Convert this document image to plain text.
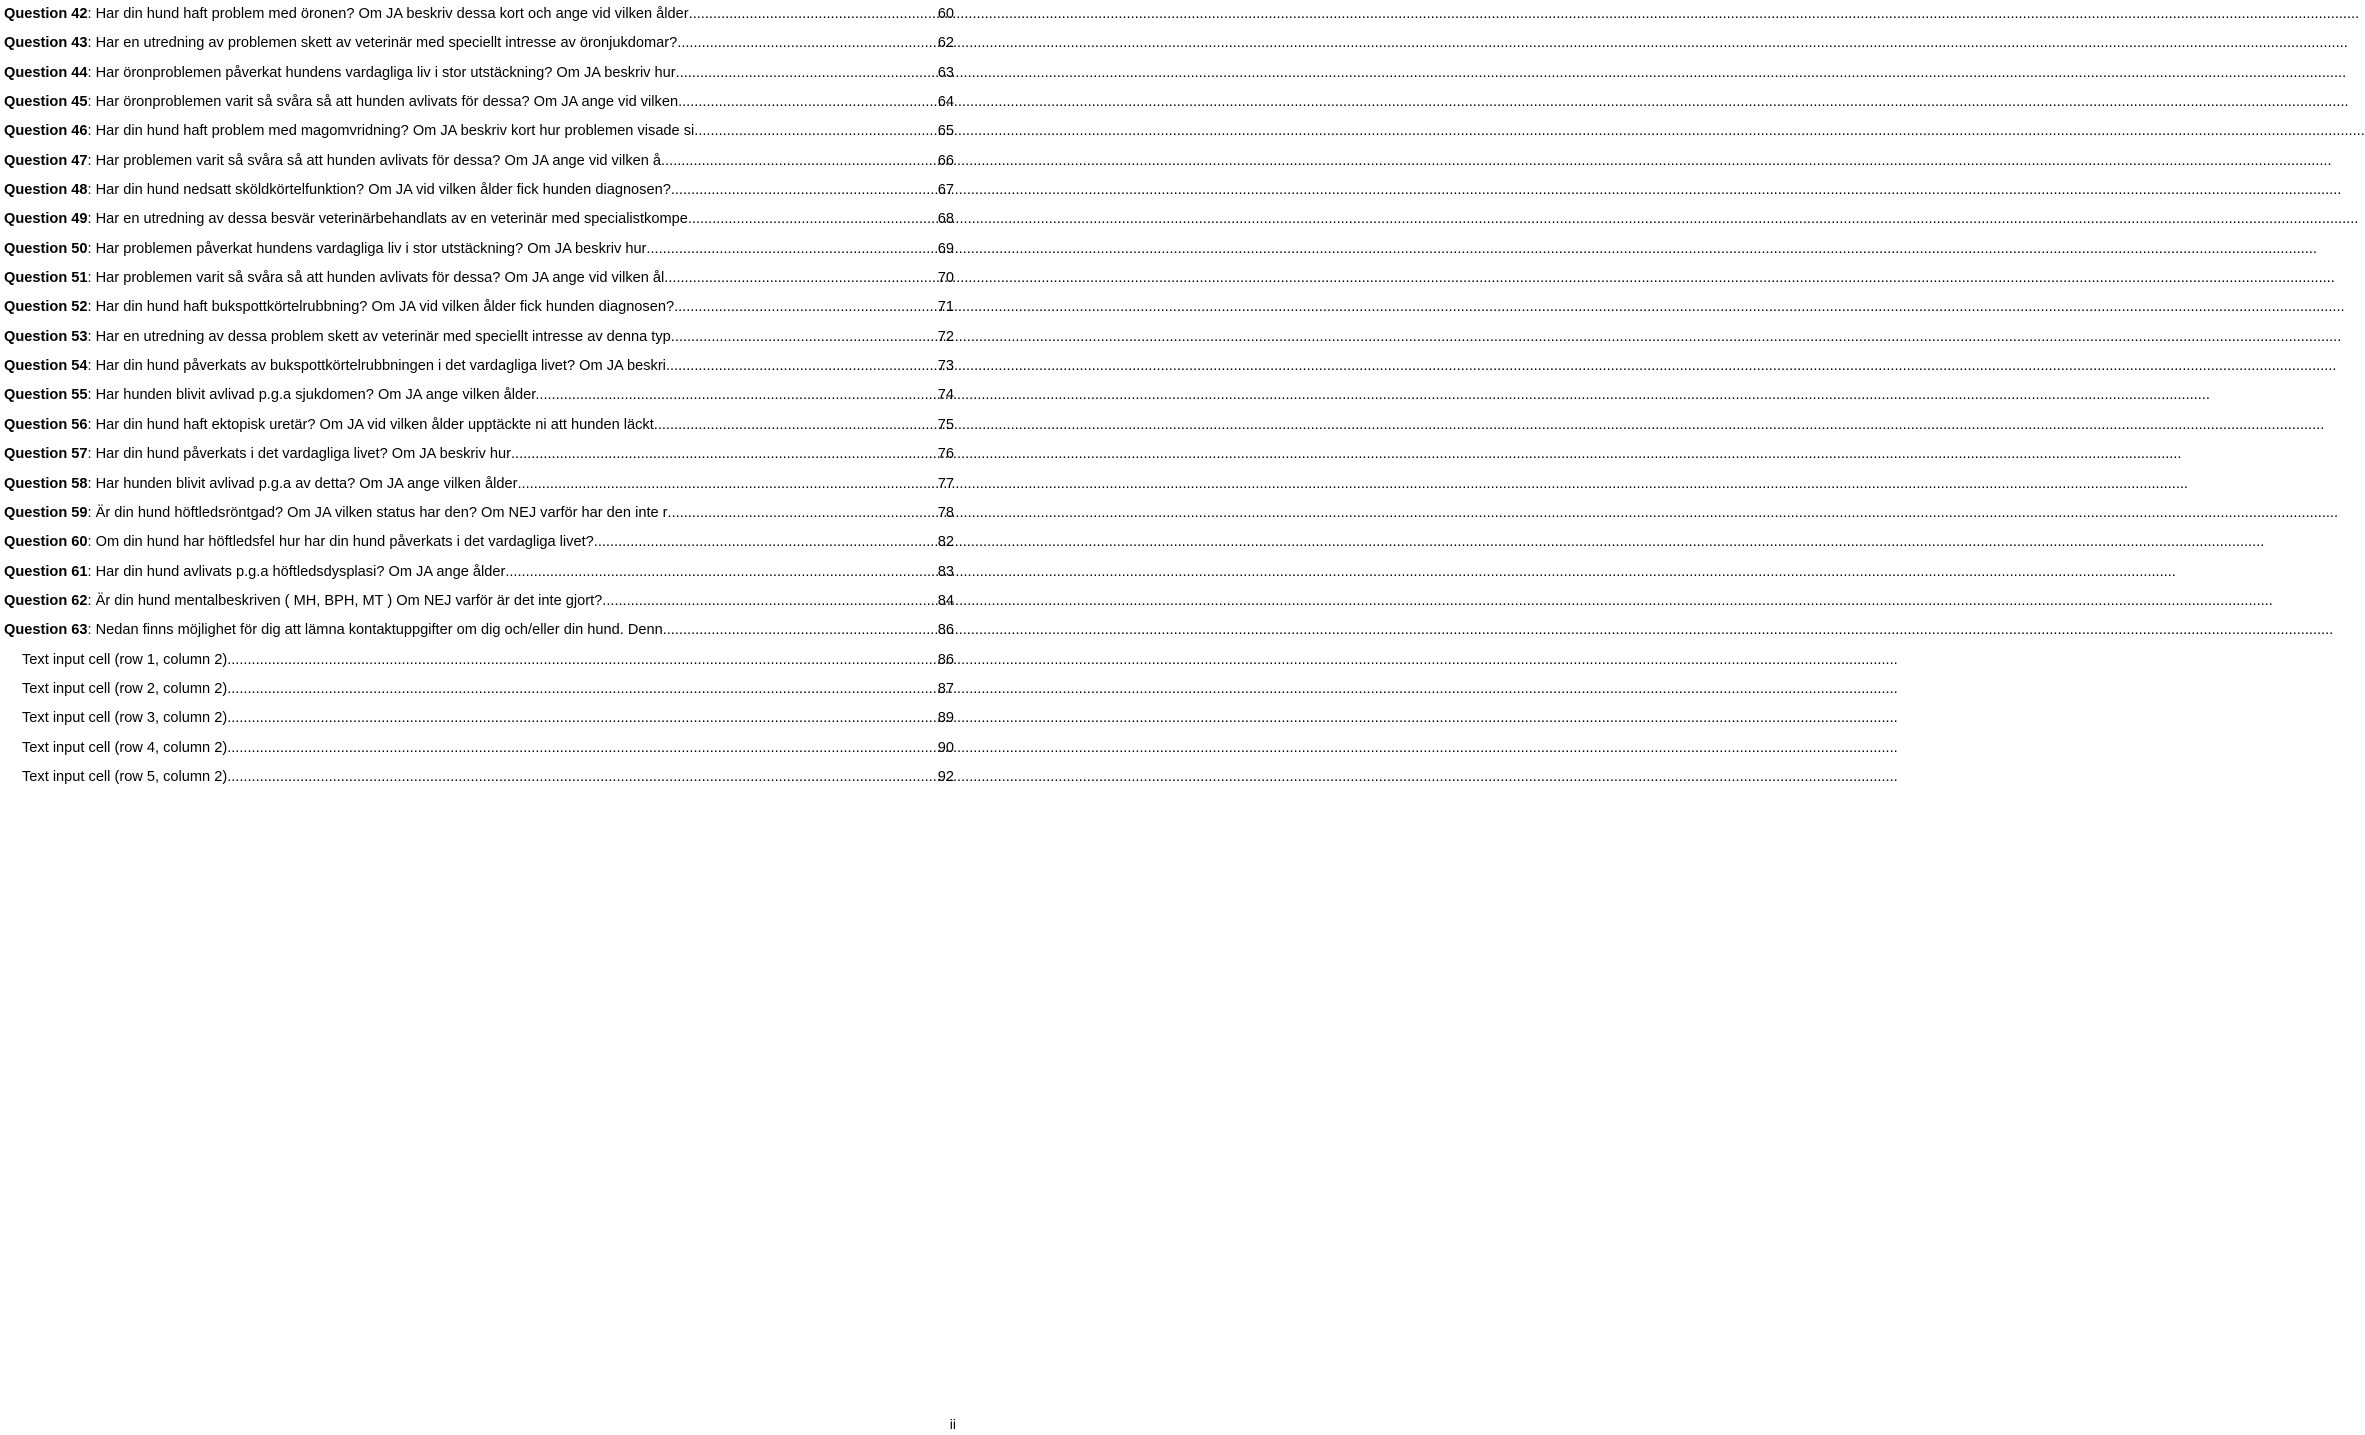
Question 42: Har din hund haft problem med öronen? Om JA beskriv dessa kort och ange vid vilken ålder .....	60
Question 43: Har en utredning av problemen skett av veterinär med speciellt intresse av öronjukdomar? .....	62
Question 44: Har öronproblemen påverkat hundens vardagliga liv i stor utstäckning? Om JA beskriv hur .....	63
Question 45: Har öronproblemen varit så svåra så att hunden avlivats för dessa? Om JA ange vid vilken .....	64
Question 46: Har din hund haft problem med magomvridning? Om JA beskriv kort hur problemen visade si .....	65
Question 47: Har problemen varit så svåra så att hunden avlivats för dessa? Om JA ange vid vilken å .....	66
Question 48: Har din hund nedsatt sköldkörtelfunktion? Om JA vid vilken ålder fick hunden diagnosen? .....	67
Question 49: Har en utredning av dessa besvär veterinärbehandlats av en veterinär med specialistkompe .....	68
Question 50: Har problemen påverkat hundens vardagliga liv i stor utstäckning? Om JA beskriv hur .....	69
Question 51: Har problemen varit så svåra så att hunden avlivats för dessa? Om JA ange vid vilken ål .....	70
Question 52: Har din hund haft bukspottkörtelrubbning? Om JA vid vilken ålder fick hunden diagnosen? .....	71
Question 53: Har en utredning av dessa problem skett av veterinär med speciellt intresse av denna typ .....	72
Question 54: Har din hund påverkats av bukspottkörtelrubbningen i det vardagliga livet? Om JA beskri .....	73
Question 55: Har hunden blivit avlivad p.g.a sjukdomen? Om JA ange vilken ålder. .....	74
Question 56: Har din hund haft ektopisk uretär? Om JA vid vilken ålder upptäckte ni att hunden läckt .....	75
Question 57: Har din hund påverkats i det vardagliga livet? Om JA beskriv hur .....	76
Question 58: Har hunden blivit avlivad p.g.a av detta? Om JA ange vilken ålder .....	77
Question 59: Är din hund höftledsröntgad? Om JA vilken status har den? Om NEJ varför har den inte r .....	78
Question 60: Om din hund har höftledsfel hur har din hund påverkats i det vardagliga livet? .....	82
Question 61: Har din hund avlivats p.g.a höftledsdysplasi? Om JA ange ålder .....	83
Question 62: Är din hund mentalbeskriven ( MH, BPH, MT ) Om NEJ varför är det inte gjort? .....	84
Question 63: Nedan finns möjlighet för dig att lämna kontaktuppgifter om dig och/eller din hund. Denn .....	86
Text input cell (row 1, column 2) .....	86
Text input cell (row 2, column 2) .....	87
Text input cell (row 3, column 2) .....	89
Text input cell (row 4, column 2) .....	90
Text input cell (row 5, column 2) .....	92
ii
